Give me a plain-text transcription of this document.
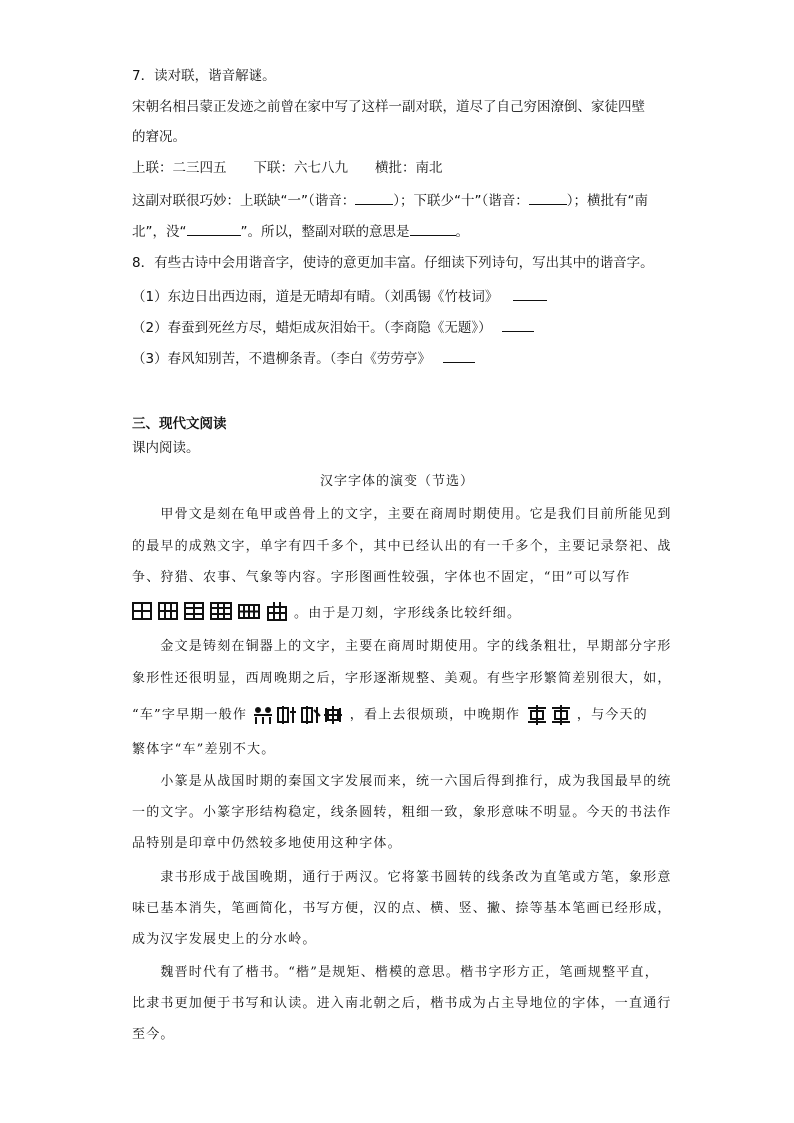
7．读对联，谐音解谜。
宋朝名相吕蒙正发迹之前曾在家中写了这样一副对联，道尽了自己穷困潦倒、家徒四壁
的窘况。
上联：二三四五　　下联：六七八九　　横批：南北
这副对联很巧妙：上联缺“一”（谐音：	）；下联少“十”（谐音：	）；横批有“南
北”，没“	”。所以，整副对联的意思是	。
8．有些古诗中会用谐音字，使诗的意更加丰富。仔细读下列诗句，写出其中的谐音字。
（1）东边日出西边雨，道是无晴却有晴。（刘禹锡《竹枝词》
（2）春蚕到死丝方尽，蜡炬成灰泪始干。（李商隐《无题》）
（3）春风知别苦，不遣柳条青。（李白《劳劳亭》
三、现代文阅读
课内阅读。
汉字字体的演变（节选）
　　甲骨文是刻在龟甲或兽骨上的文字，主要在商周时期使用。它是我们目前所能见到
的最早的成熟文字，单字有四千多个，其中已经认出的有一千多个，主要记录祭祀、战
争、狩猎、农事、气象等内容。字形图画性较强，字体也不固定，“田”可以写作
。由于是刀刻，字形线条比较纤细。
　　金文是铸刻在铜器上的文字，主要在商周时期使用。字的线条粗壮，早期部分字形
象形性还很明显，西周晚期之后，字形逐渐规整、美观。有些字形繁简差别很大，如，
“车”字早期一般作	，看上去很烦琐，中晚期作	，与今天的
繁体字“车”差别不大。
　　小篆是从战国时期的秦国文字发展而来，统一六国后得到推行，成为我国最早的统
一的文字。小篆字形结构稳定，线条圆转，粗细一致，象形意味不明显。今天的书法作
品特别是印章中仍然较多地使用这种字体。
　　隶书形成于战国晚期，通行于两汉。它将篆书圆转的线条改为直笔或方笔，象形意
味已基本消失，笔画简化，书写方便，汉的点、横、竖、撇、捺等基本笔画已经形成，
成为汉字发展史上的分水岭。
　　魏晋时代有了楷书。“楷”是规矩、楷模的意思。楷书字形方正，笔画规整平直，
比隶书更加便于书写和认读。进入南北朝之后，楷书成为占主导地位的字体，一直通行
至今。
